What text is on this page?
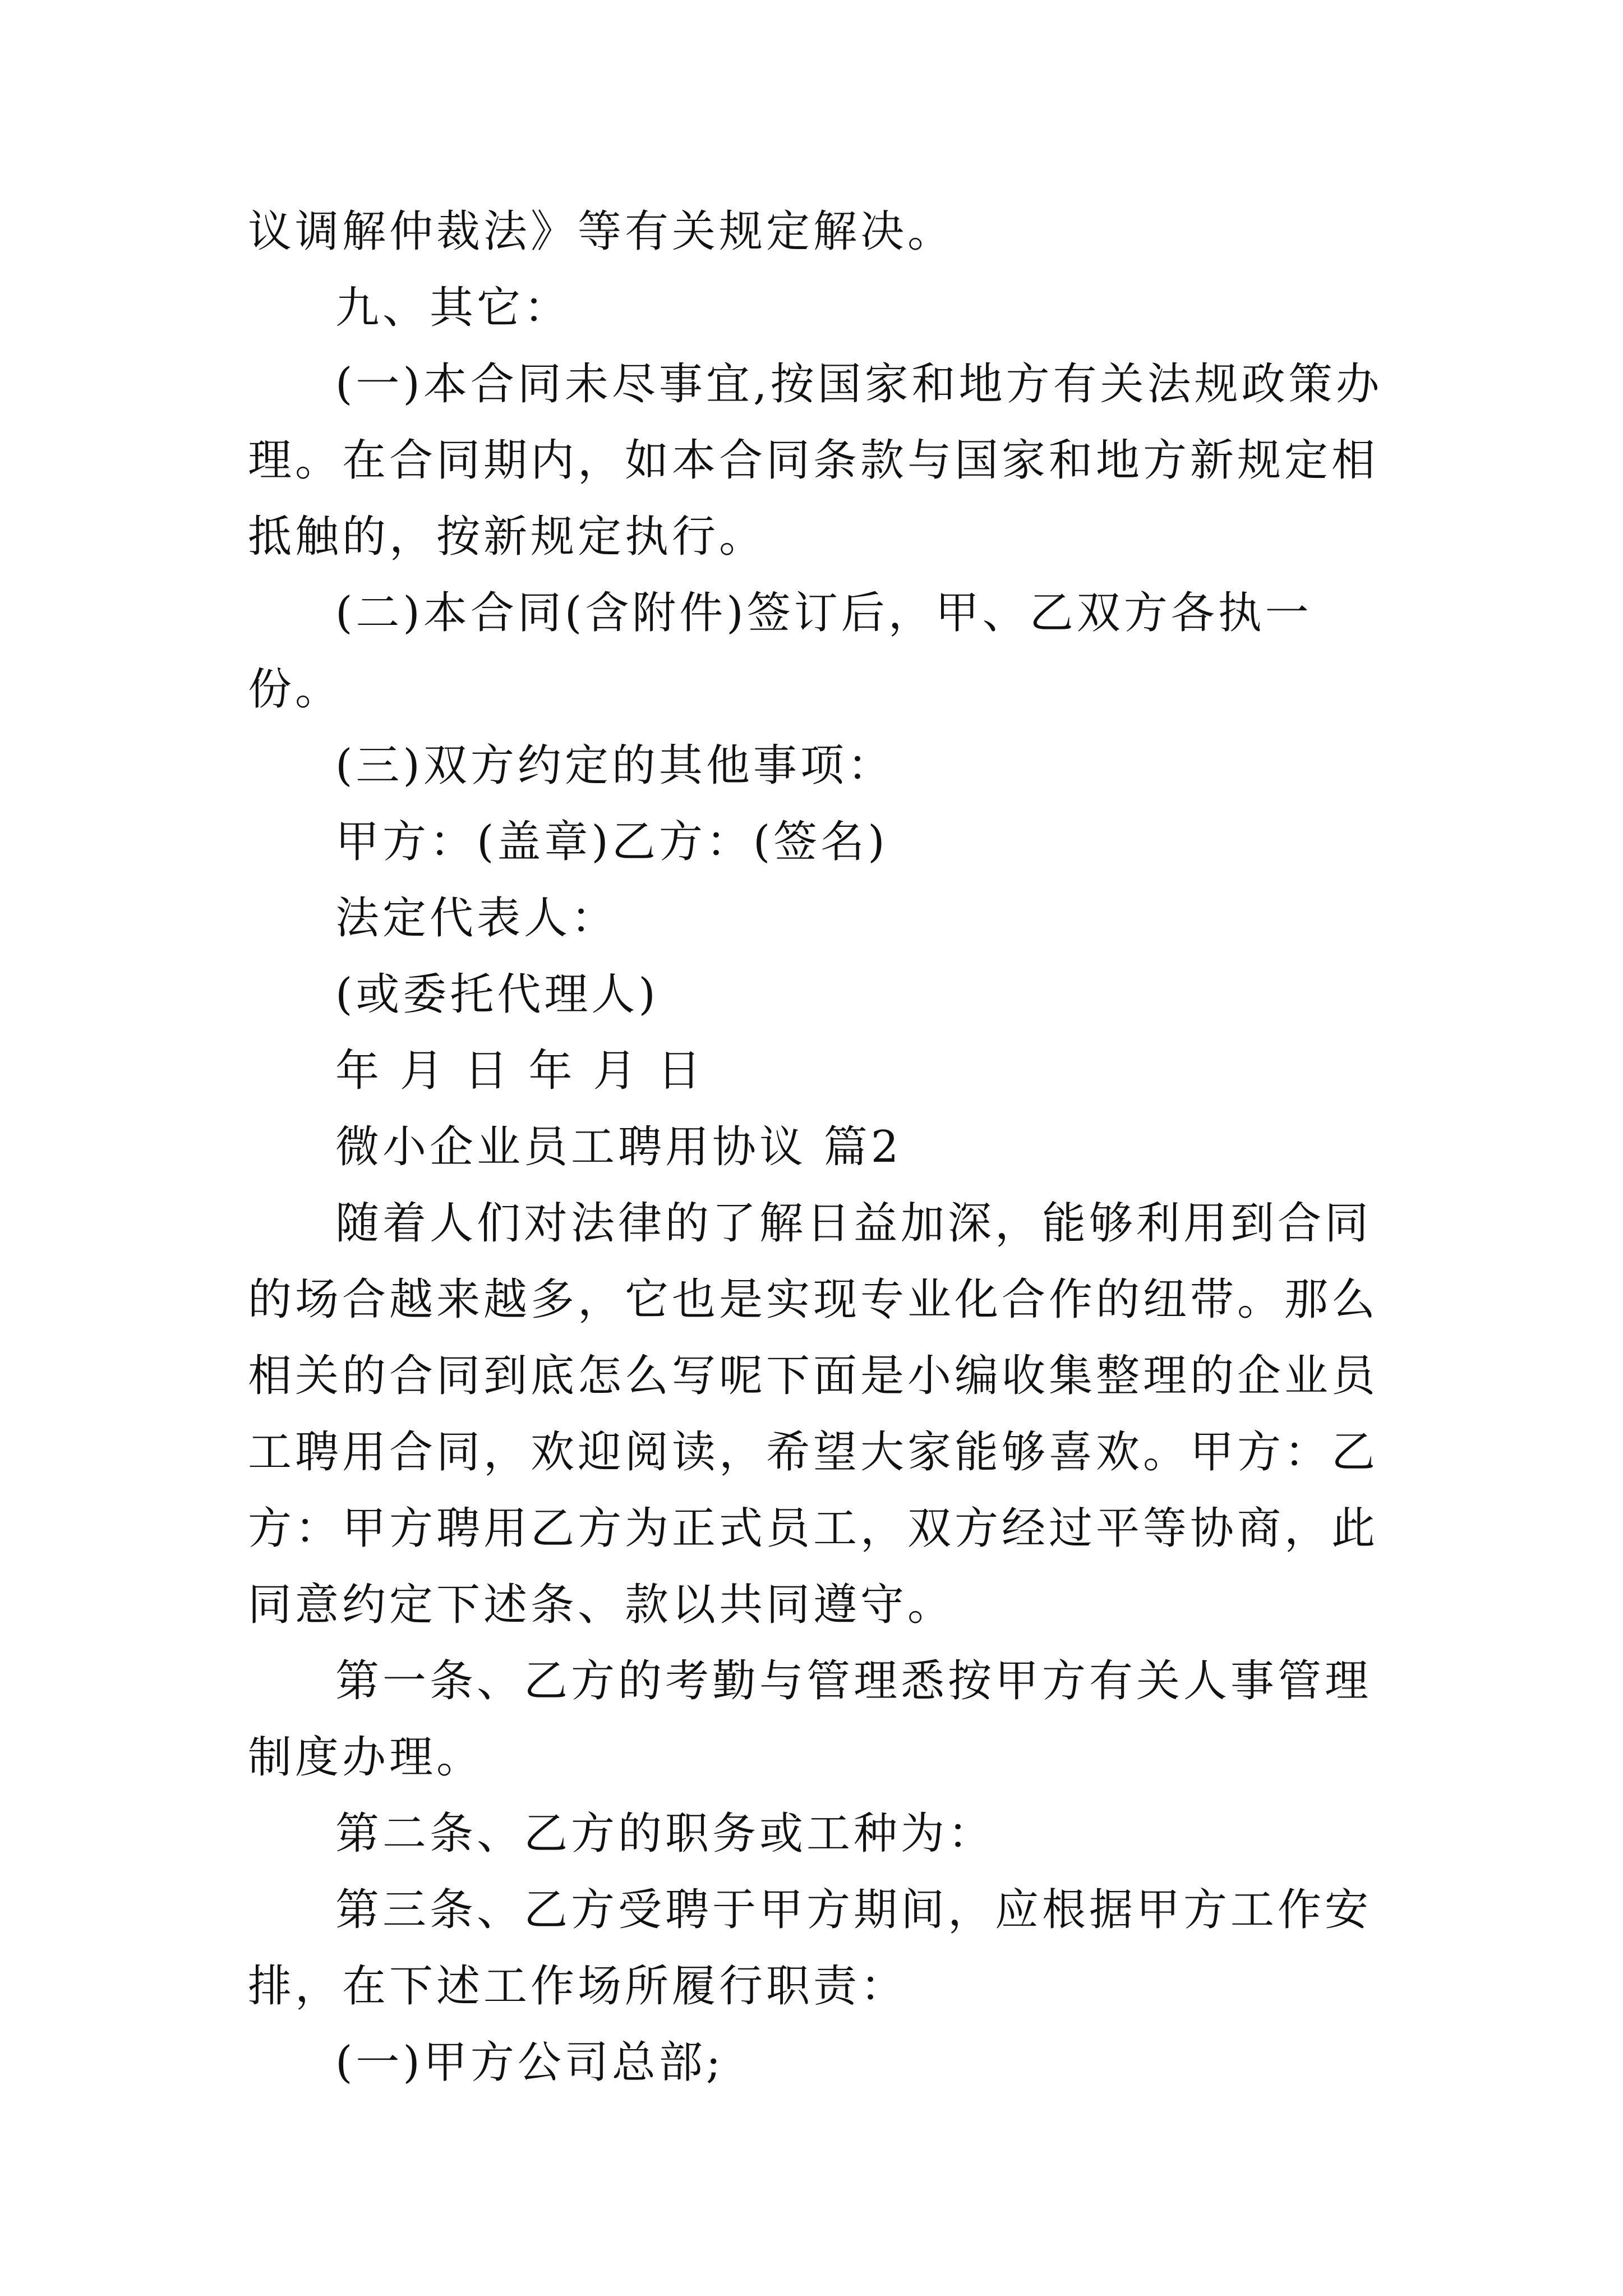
议调解仲裁法》等有关规定解决。

九、其它：

(一)本合同未尽事宜,按国家和地方有关法规政策办理。在合同期内，如本合同条款与国家和地方新规定相抵触的，按新规定执行。

(二)本合同(含附件)签订后，甲、乙双方各执一份。

(三)双方约定的其他事项：

甲方：(盖章)乙方：(签名)

法定代表人：

(或委托代理人)

年 月 日 年 月 日

微小企业员工聘用协议 篇2

随着人们对法律的了解日益加深，能够利用到合同的场合越来越多，它也是实现专业化合作的纽带。那么相关的合同到底怎么写呢下面是小编收集整理的企业员工聘用合同，欢迎阅读，希望大家能够喜欢。甲方：乙方：甲方聘用乙方为正式员工，双方经过平等协商，此同意约定下述条、款以共同遵守。

第一条、乙方的考勤与管理悉按甲方有关人事管理制度办理。

第二条、乙方的职务或工种为：

第三条、乙方受聘于甲方期间，应根据甲方工作安排，在下述工作场所履行职责：

(一)甲方公司总部;
